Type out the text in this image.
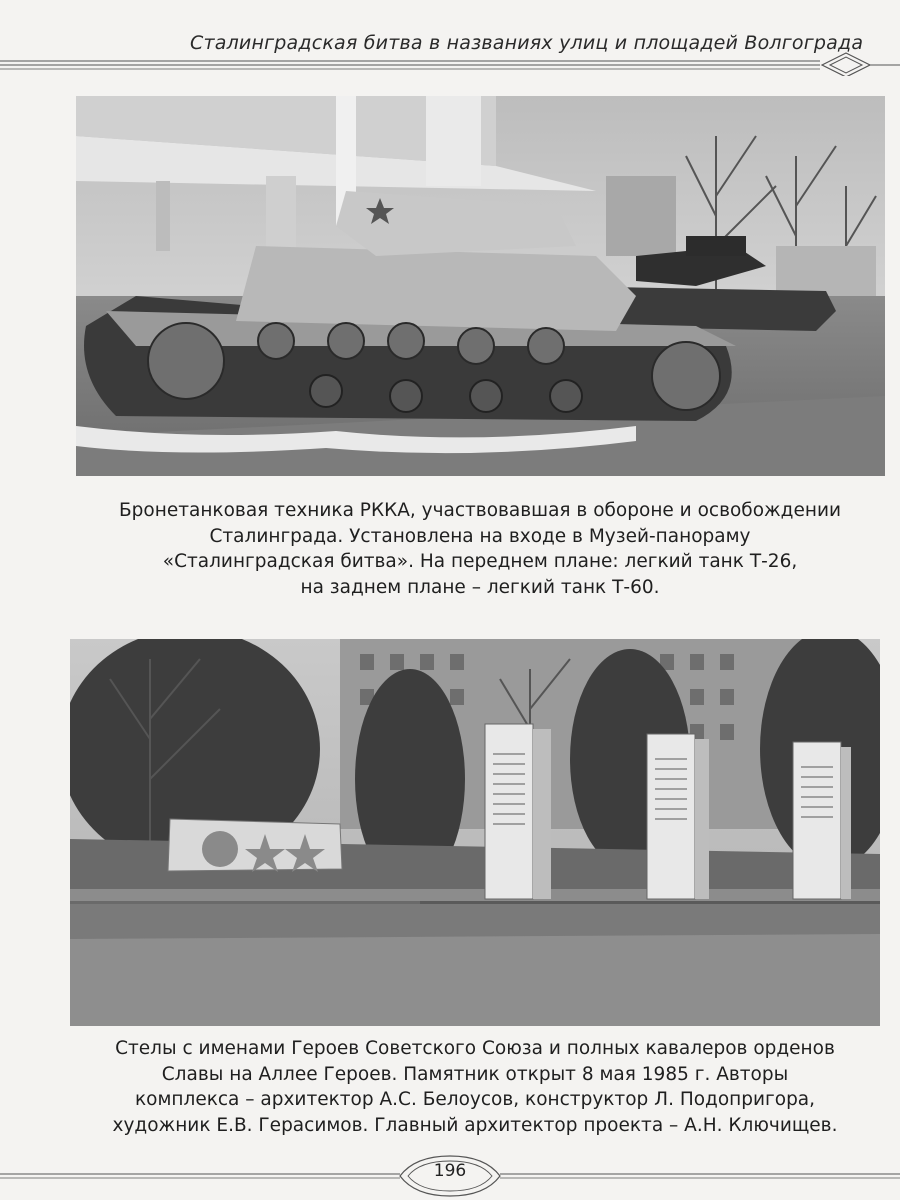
Сталинградская битва в названиях улиц и площадей Волгограда
Бронетанковая техника РККА, участвовавшая в обороне и освобождении
Сталинграда. Установлена на входе в Музей-панораму
«Сталинградская битва». На переднем плане: легкий танк Т-26,
на заднем плане – легкий танк Т-60.
Стелы с именами Героев Советского Союза и полных кавалеров орденов
Славы на Аллее Героев. Памятник открыт 8 мая 1985 г. Авторы
комплекса – архитектор А.С. Белоусов, конструктор Л. Подопригора,
художник Е.В. Герасимов. Главный архитектор проекта – А.Н. Ключищев.
196
